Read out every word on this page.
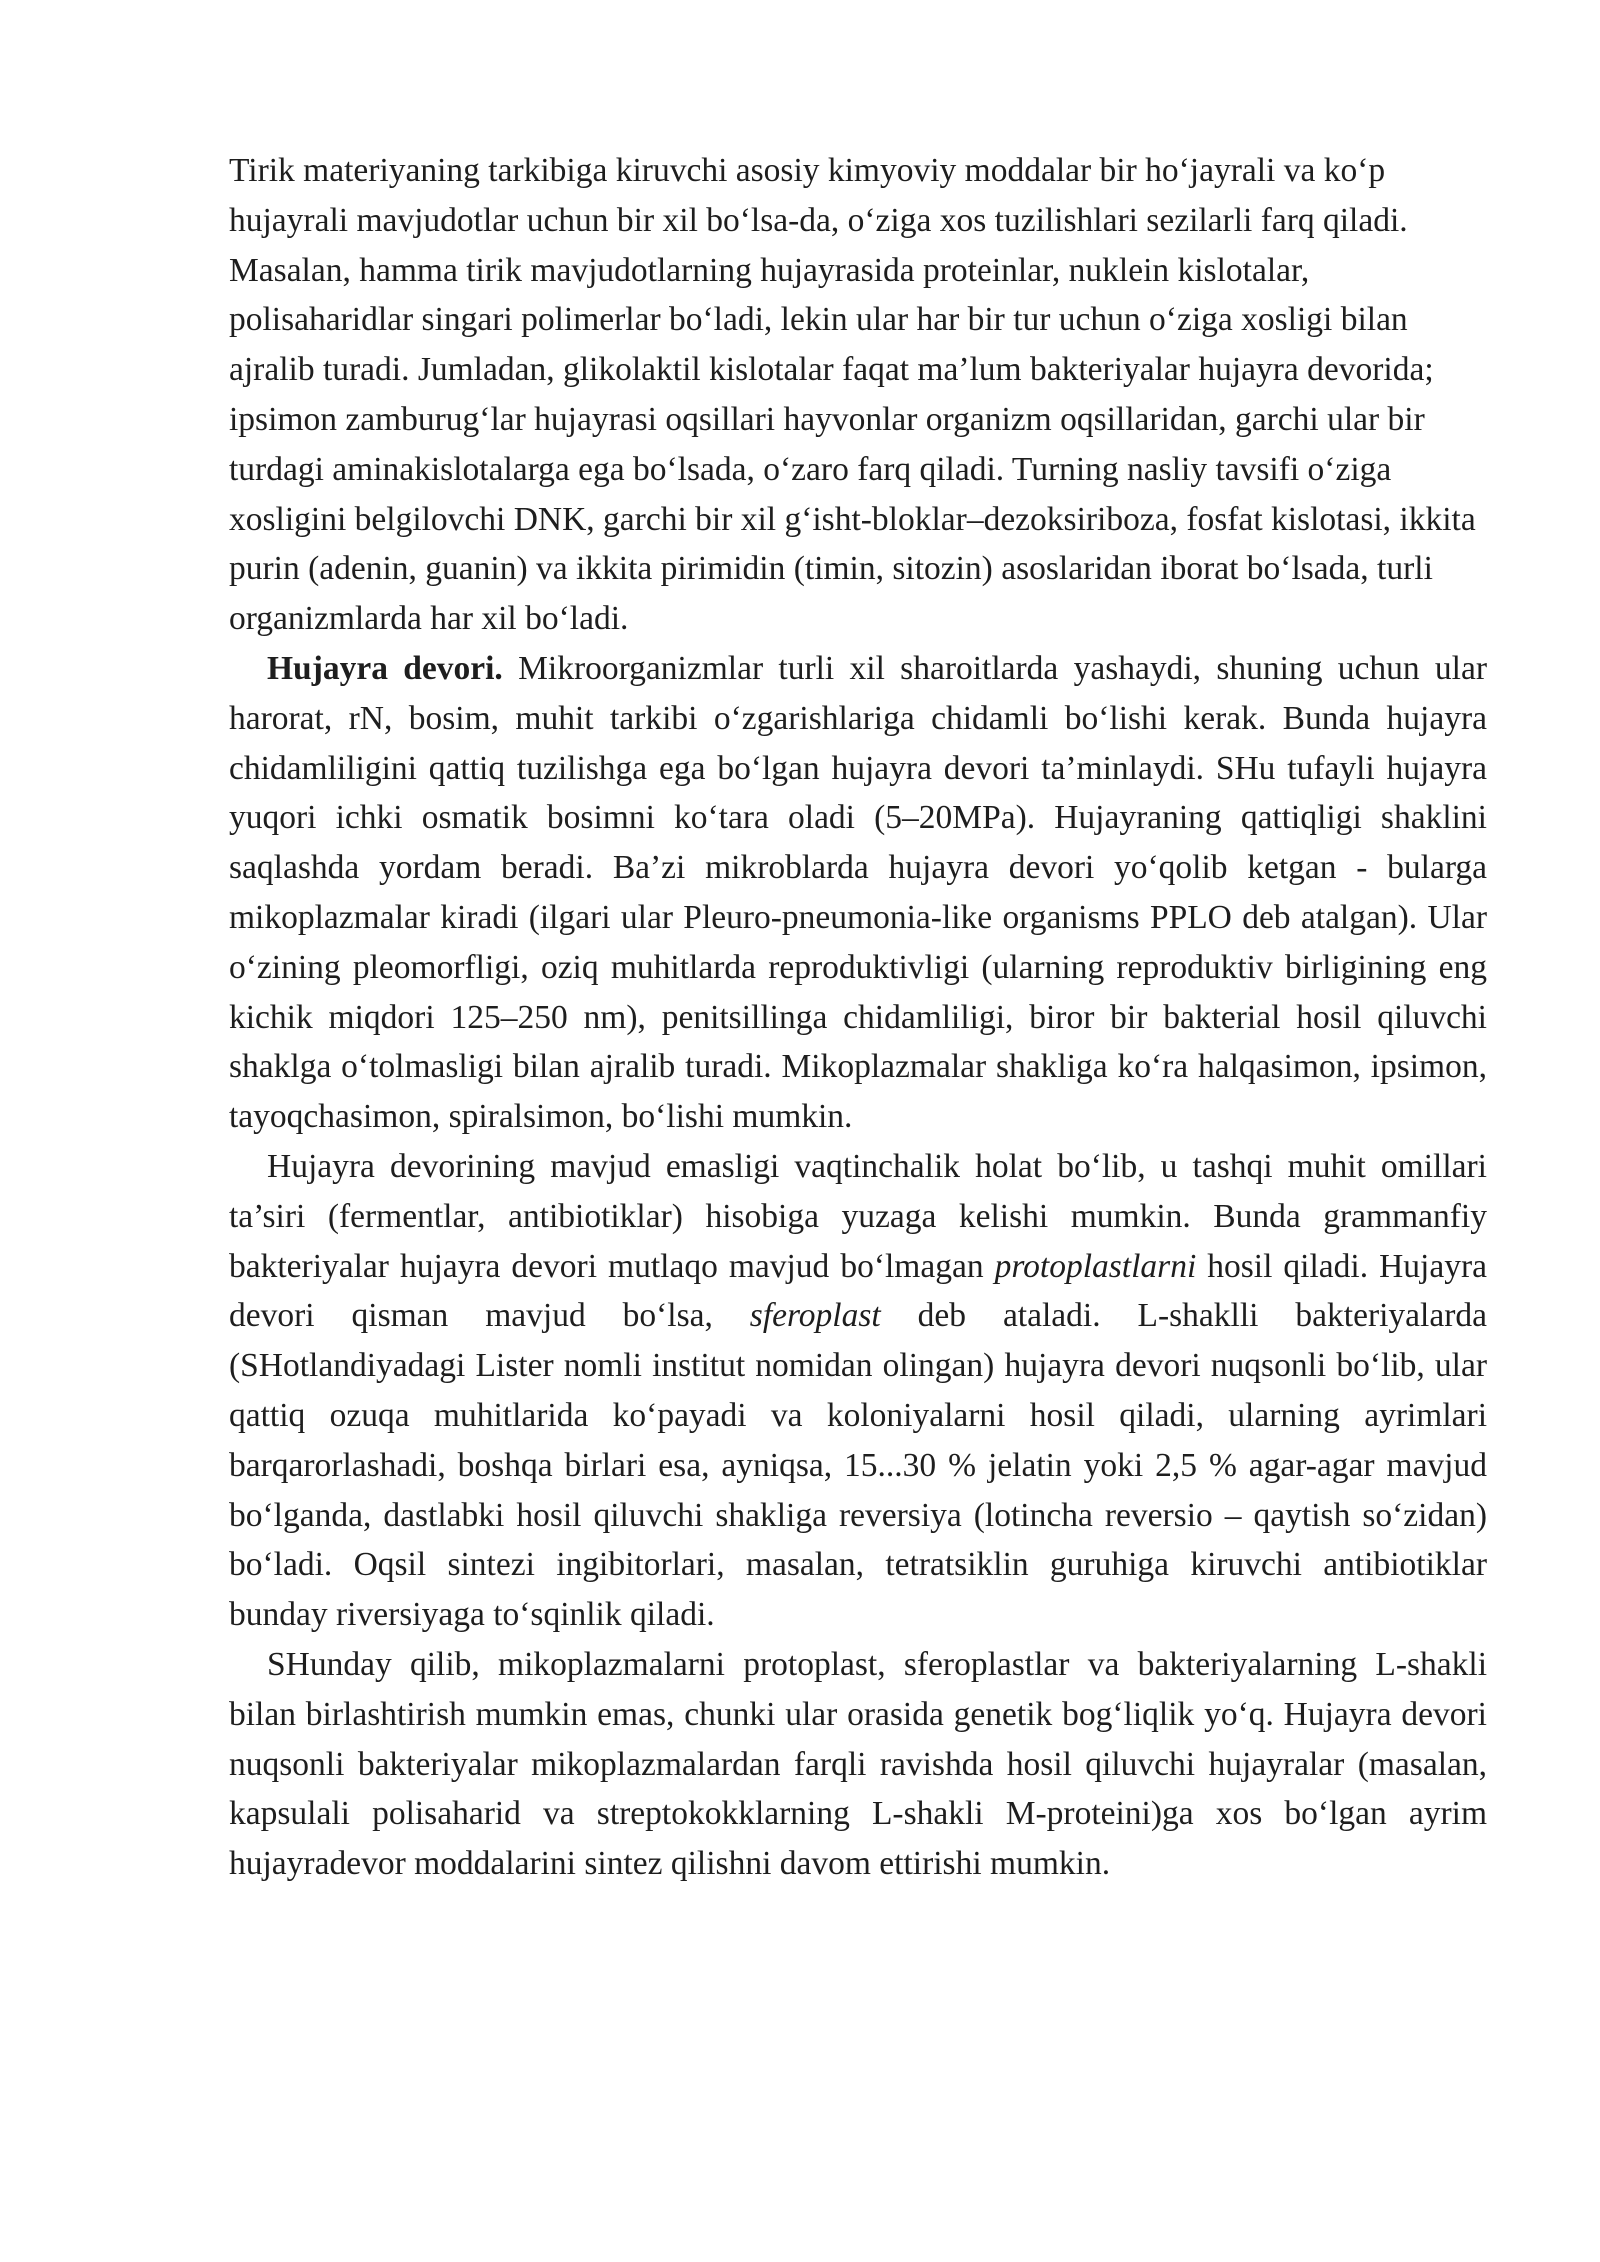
Tirik materiyaning tarkibiga kiruvchi asosiy kimyoviy moddalar bir ho‘jayrali va ko‘p hujayrali mavjudotlar uchun bir xil bo‘lsa-da, o‘ziga xos tuzilishlari sezilarli farq qiladi. Masalan, hamma tirik mavjudotlarning hujayrasida proteinlar, nuklein kislotalar, polisaharidlar singari polimerlar bo‘ladi, lekin ular har bir tur uchun o‘ziga xosligi bilan ajralib turadi. Jumladan, glikolaktil kislotalar faqat ma’lum bakteriyalar hujayra devorida; ipsimon zamburug‘lar hujayrasi oqsillari hayvonlar organizm oqsillaridan, garchi ular bir turdagi aminakislotalarga ega bo‘lsada, o‘zaro farq qiladi. Turning nasliy tavsifi o‘ziga xosligini belgilovchi DNK, garchi bir xil g‘isht-bloklar–dezoksiriboza, fosfat kislotasi, ikkita purin (adenin, guanin) va ikkita pirimidin (timin, sitozin) asoslaridan iborat bo‘lsada, turli organizmlarda har xil bo‘ladi.

Hujayra devori. Mikroorganizmlar turli xil sharoitlarda yashaydi, shuning uchun ular harorat, rN, bosim, muhit tarkibi o‘zgarishlariga chidamli bo‘lishi kerak. Bunda hujayra chidamliligini qattiq tuzilishga ega bo‘lgan hujayra devori ta’minlaydi. SHu tufayli hujayra yuqori ichki osmatik bosimni ko‘tara oladi (5–20MPa). Hujayraning qattiqligi shaklini saqlashda yordam beradi. Ba’zi mikroblarda hujayra devori yo‘qolib ketgan - bularga mikoplazmalar kiradi (ilgari ular Pleuro-pneumonia-like organisms PPLO deb atalgan). Ular o‘zining pleomorfligi, oziq muhitlarda reproduktivligi (ularning reproduktiv birligining eng kichik miqdori 125–250 nm), penitsillinga chidamliligi, biror bir bakterial hosil qiluvchi shaklga o‘tolmasligi bilan ajralib turadi. Mikoplazmalar shakliga ko‘ra halqasimon, ipsimon, tayoqchasimon, spiralsimon, bo‘lishi mumkin.

Hujayra devorining mavjud emasligi vaqtinchalik holat bo‘lib, u tashqi muhit omillari ta’siri (fermentlar, antibiotiklar) hisobiga yuzaga kelishi mumkin. Bunda grammanfiy bakteriyalar hujayra devori mutlaqo mavjud bo‘lmagan protoplastlarni hosil qiladi. Hujayra devori qisman mavjud bo‘lsa, sferoplast deb ataladi. L-shaklli bakteriyalarda (SHotlandiyadagi Lister nomli institut nomidan olingan) hujayra devori nuqsonli bo‘lib, ular qattiq ozuqa muhitlarida ko‘payadi va koloniyalarni hosil qiladi, ularning ayrimlari barqarorlashadi, boshqa birlari esa, ayniqsa, 15...30 % jelatin yoki 2,5 % agar-agar mavjud bo‘lganda, dastlabki hosil qiluvchi shakliga reversiya (lotincha reversio – qaytish so‘zidan) bo‘ladi. Oqsil sintezi ingibitorlari, masalan, tetratsiklin guruhiga kiruvchi antibiotiklar bunday riversiyaga to‘sqinlik qiladi.

SHunday qilib, mikoplazmalarni protoplast, sferoplastlar va bakteriyalarning L-shakli bilan birlashtirish mumkin emas, chunki ular orasida genetik bog‘liqlik yo‘q. Hujayra devori nuqsonli bakteriyalar mikoplazmalardan farqli ravishda hosil qiluvchi hujayralar (masalan, kapsulali polisaharid va streptokokklarning L-shakli M-proteini)ga xos bo‘lgan ayrim hujayradevor moddalarini sintez qilishni davom ettirishi mumkin.
